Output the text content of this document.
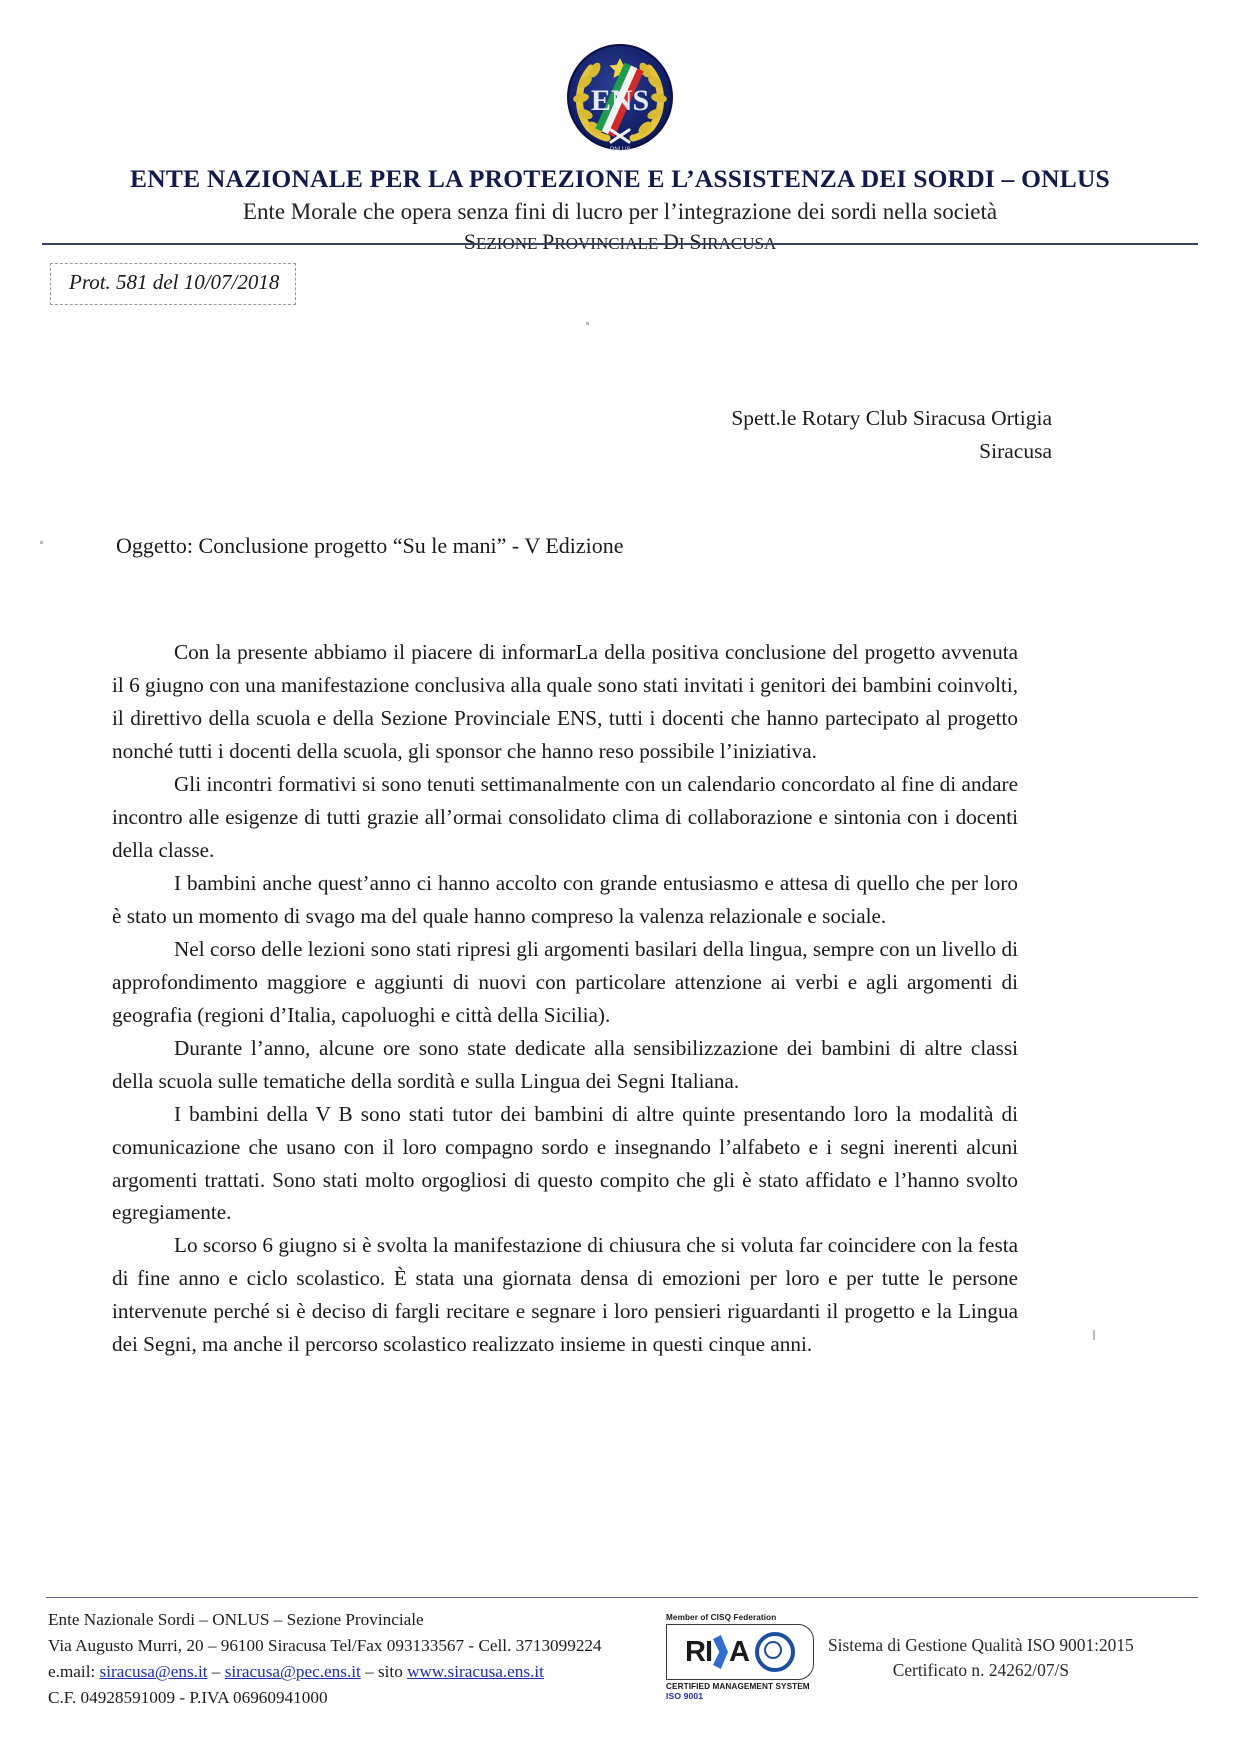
ENS
ONLUS
ENTE NAZIONALE PER LA PROTEZIONE E L’ASSISTENZA DEI SORDI – ONLUS
Ente Morale che opera senza fini di lucro per l’integrazione dei sordi nella società
SEZIONE PROVINCIALE DI SIRACUSA
Prot. 581 del 10/07/2018
Spett.le Rotary Club Siracusa Ortigia
Siracusa
Oggetto: Conclusione progetto “Su le mani” - V Edizione

Con la presente abbiamo il piacere di informarLa della positiva conclusione del progetto avvenuta il 6 giugno con una manifestazione conclusiva alla quale sono stati invitati i genitori dei bambini coinvolti, il direttivo della scuola e della Sezione Provinciale ENS, tutti i docenti che hanno partecipato al progetto nonché tutti i docenti della scuola, gli sponsor che hanno reso possibile l’iniziativa.

Gli incontri formativi si sono tenuti settimanalmente con un calendario concordato al fine di andare incontro alle esigenze di tutti grazie all’ormai consolidato clima di collaborazione e sintonia con i docenti della classe.

I bambini anche quest’anno ci hanno accolto con grande entusiasmo e attesa di quello che per loro è stato un momento di svago ma del quale hanno compreso la valenza relazionale e sociale.

Nel corso delle lezioni sono stati ripresi gli argomenti basilari della lingua, sempre con un livello di approfondimento maggiore e aggiunti di nuovi con particolare attenzione ai verbi e agli argomenti di geografia (regioni d’Italia, capoluoghi e città della Sicilia).

Durante l’anno, alcune ore sono state dedicate alla sensibilizzazione dei bambini di altre classi della scuola sulle tematiche della sordità e sulla Lingua dei Segni Italiana.

I bambini della V B sono stati tutor dei bambini di altre quinte presentando loro la modalità di comunicazione che usano con il loro compagno sordo e insegnando l’alfabeto e i segni inerenti alcuni argomenti trattati. Sono stati molto orgogliosi di questo compito che gli è stato affidato e l’hanno svolto egregiamente.

Lo scorso 6 giugno si è svolta la manifestazione di chiusura che si voluta far coincidere con la festa di fine anno e ciclo scolastico. È stata una giornata densa di emozioni per loro e per tutte le persone intervenute perché si è deciso di fargli recitare e segnare i loro pensieri riguardanti il progetto e la Lingua dei Segni, ma anche il percorso scolastico realizzato insieme in questi cinque anni.

Ente Nazionale Sordi – ONLUS – Sezione Provinciale
Via Augusto Murri, 20 – 96100 Siracusa Tel/Fax 093133567 - Cell. 3713099224
e.mail: siracusa@ens.it – siracusa@pec.ens.it – sito www.siracusa.ens.it
C.F. 04928591009 - P.IVA 06960941000
Member of CISQ Federation
RI A
CERTIFIED MANAGEMENT SYSTEM
ISO 9001
Sistema di Gestione Qualità ISO 9001:2015
Certificato n. 24262/07/S
